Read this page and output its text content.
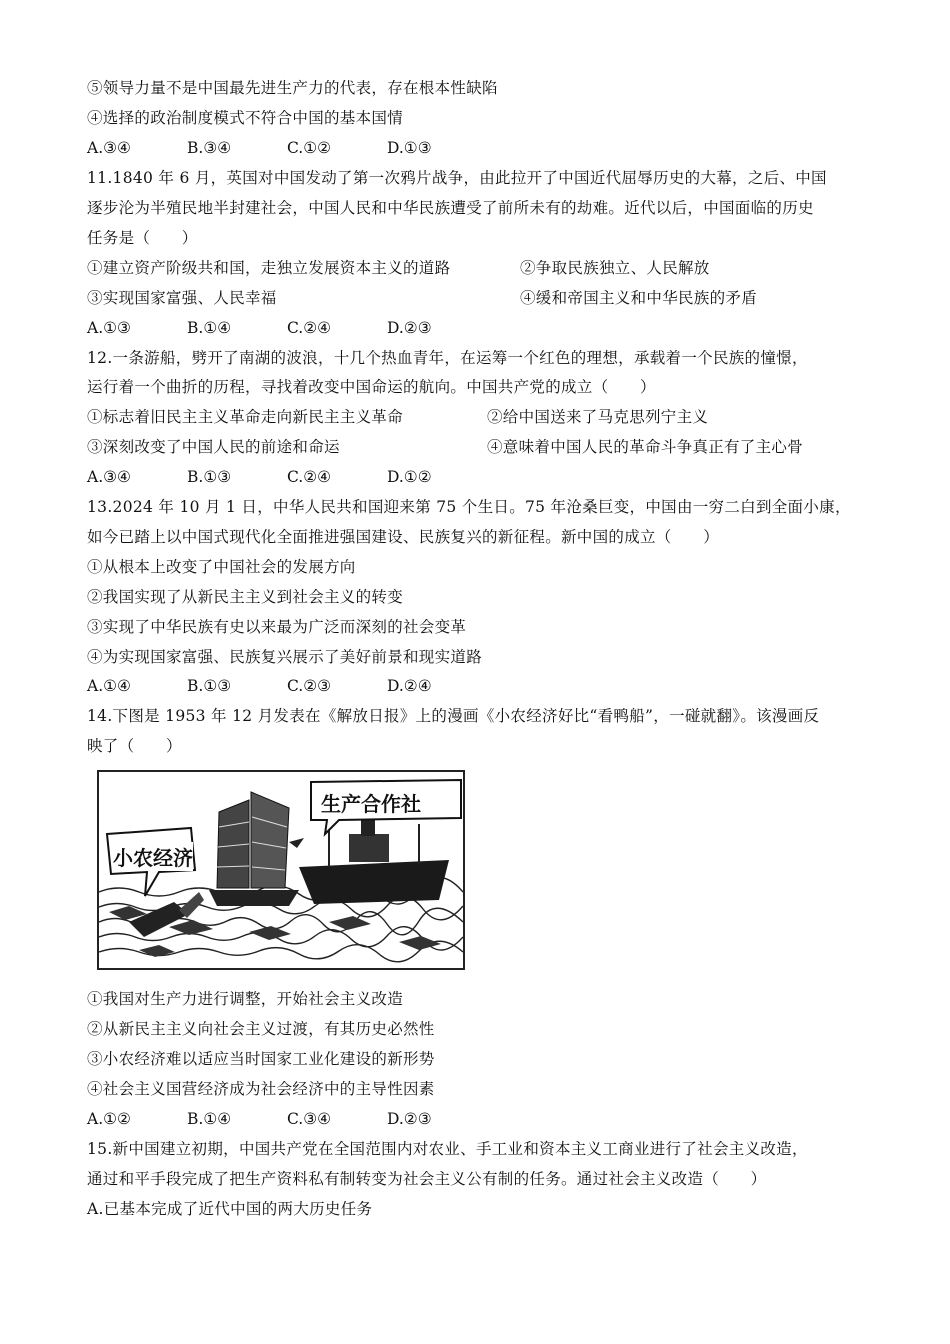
⑤领导力量不是中国最先进生产力的代表，存在根本性缺陷
④选择的政治制度模式不符合中国的基本国情
A.③④	B.③④	C.①②	D.①③
11.1840 年 6 月，英国对中国发动了第一次鸦片战争，由此拉开了中国近代屈辱历史的大幕，之后、中国
逐步沦为半殖民地半封建社会，中国人民和中华民族遭受了前所未有的劫难。近代以后，中国面临的历史
任务是（　　）
①建立资产阶级共和国，走独立发展资本主义的道路	②争取民族独立、人民解放
③实现国家富强、人民幸福	④缓和帝国主义和中华民族的矛盾
A.①③	B.①④	C.②④	D.②③
12.一条游船，劈开了南湖的波浪，十几个热血青年，在运筹一个红色的理想，承载着一个民族的憧憬，
运行着一个曲折的历程，寻找着改变中国命运的航向。中国共产党的成立（　　）
①标志着旧民主主义革命走向新民主主义革命	②给中国送来了马克思列宁主义
③深刻改变了中国人民的前途和命运	④意味着中国人民的革命斗争真正有了主心骨
A.③④	B.①③	C.②④	D.①②
13.2024 年 10 月 1 日，中华人民共和国迎来第 75 个生日。75 年沧桑巨变，中国由一穷二白到全面小康，
如今已踏上以中国式现代化全面推进强国建设、民族复兴的新征程。新中国的成立（　　）
①从根本上改变了中国社会的发展方向
②我国实现了从新民主主义到社会主义的转变
③实现了中华民族有史以来最为广泛而深刻的社会变革
④为实现国家富强、民族复兴展示了美好前景和现实道路
A.①④	B.①③	C.②③	D.②④
14.下图是 1953 年 12 月发表在《解放日报》上的漫画《小农经济好比“看鸭船”，一碰就翻》。该漫画反
映了（　　）
小农经济
生产合作社
①我国对生产力进行调整，开始社会主义改造
②从新民主主义向社会主义过渡，有其历史必然性
③小农经济难以适应当时国家工业化建设的新形势
④社会主义国营经济成为社会经济中的主导性因素
A.①②	B.①④	C.③④	D.②③
15.新中国建立初期，中国共产党在全国范围内对农业、手工业和资本主义工商业进行了社会主义改造，
通过和平手段完成了把生产资料私有制转变为社会主义公有制的任务。通过社会主义改造（　　）
A.已基本完成了近代中国的两大历史任务
